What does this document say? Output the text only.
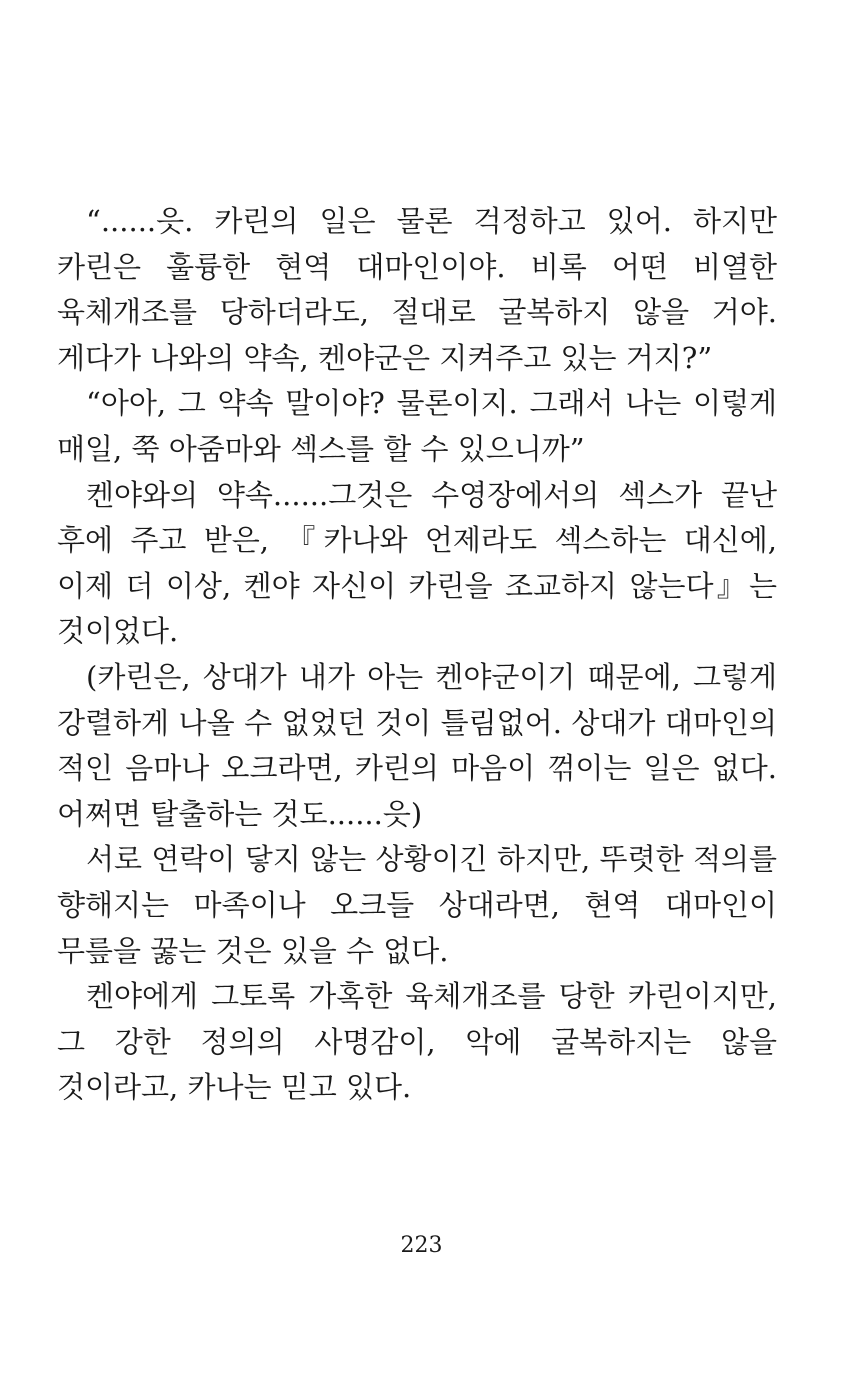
“......읏. 카린의 일은 물론 걱정하고 있어. 하지만 카린은 훌륭한 현역 대마인이야. 비록 어떤 비열한 육체개조를 당하더라도, 절대로 굴복하지 않을 거야. 게다가 나와의 약속, 켄야군은 지켜주고 있는 거지?”

“아아, 그 약속 말이야? 물론이지. 그래서 나는 이렇게 매일, 쭉 아줌마와 섹스를 할 수 있으니까”

켄야와의 약속......그것은 수영장에서의 섹스가 끝난 후에 주고 받은, 『카나와 언제라도 섹스하는 대신에, 이제 더 이상, 켄야 자신이 카린을 조교하지 않는다』는 것이었다.

(카린은, 상대가 내가 아는 켄야군이기 때문에, 그렇게 강렬하게 나올 수 없었던 것이 틀림없어. 상대가 대마인의 적인 음마나 오크라면, 카린의 마음이 꺾이는 일은 없다. 어쩌면 탈출하는 것도......읏)

서로 연락이 닿지 않는 상황이긴 하지만, 뚜렷한 적의를 향해지는 마족이나 오크들 상대라면, 현역 대마인이 무릎을 꿇는 것은 있을 수 없다.

켄야에게 그토록 가혹한 육체개조를 당한 카린이지만, 그 강한 정의의 사명감이, 악에 굴복하지는 않을 것이라고, 카나는 믿고 있다.

223
